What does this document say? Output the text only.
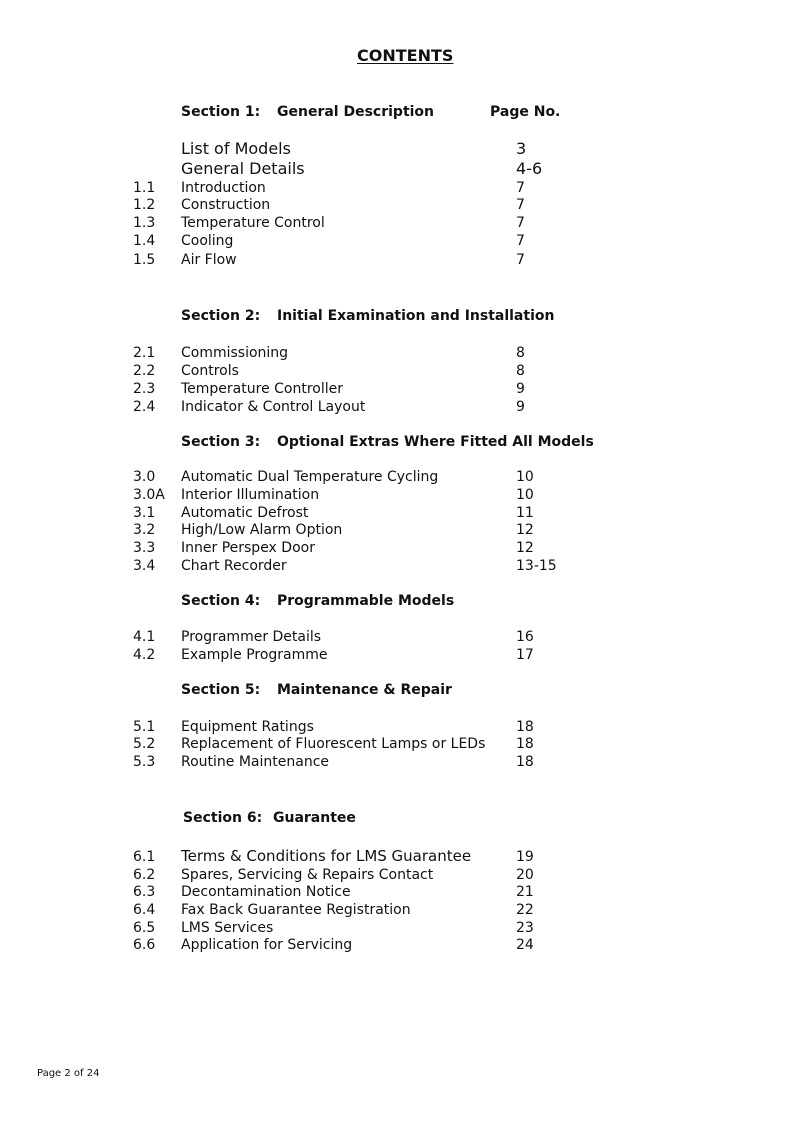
CONTENTS
Section 1: General Description	Page No.
List of Models	3
General Details	4-6
1.1 Introduction	7
1.2 Construction	7
1.3 Temperature Control	7
1.4 Cooling	7
1.5 Air Flow	7
Section 2: Initial Examination and Installation
2.1 Commissioning	8
2.2 Controls	8
2.3 Temperature Controller	9
2.4 Indicator & Control Layout	9
Section 3: Optional Extras Where Fitted All Models
3.0 Automatic Dual Temperature Cycling	10
3.0A Interior Illumination	10
3.1 Automatic Defrost	11
3.2 High/Low Alarm Option	12
3.3 Inner Perspex Door	12
3.4 Chart Recorder	13-15
Section 4: Programmable Models
4.1 Programmer Details	16
4.2 Example Programme	17
Section 5: Maintenance & Repair
5.1 Equipment Ratings	18
5.2 Replacement of Fluorescent Lamps or LEDs 18
5.3 Routine Maintenance	18
Section 6: Guarantee
6.1 Terms & Conditions for LMS Guarantee	19
6.2 Spares, Servicing & Repairs Contact	20
6.3 Decontamination Notice	21
6.4 Fax Back Guarantee Registration	22
6.5 LMS Services	23
6.6 Application for Servicing	24
Page 2 of 24
